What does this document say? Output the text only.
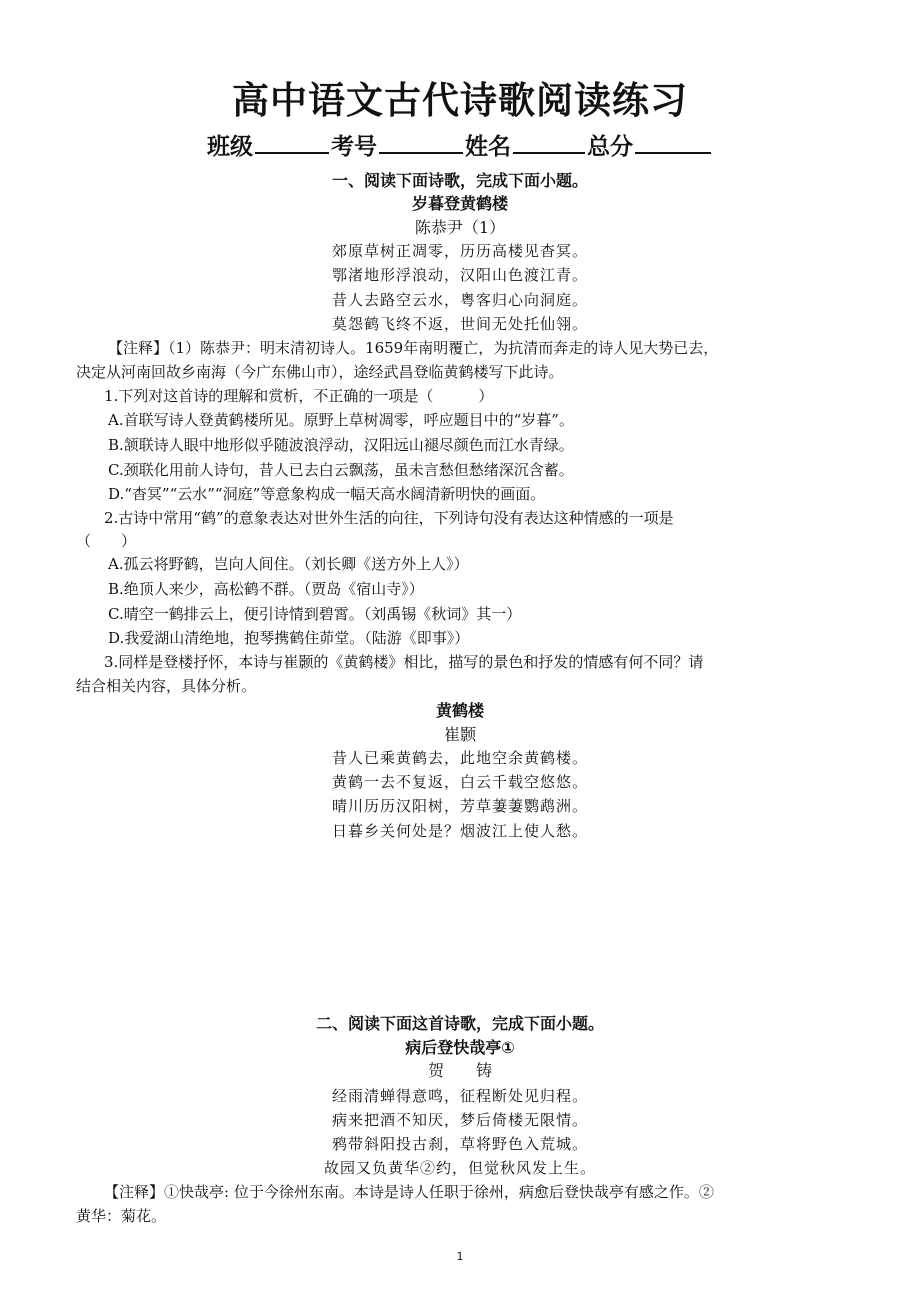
高中语文古代诗歌阅读练习
班级	考号	姓名	总分
一、阅读下面诗歌，完成下面小题。
岁暮登黄鹤楼
陈恭尹（1）
郊原草树正凋零，历历高楼见杳冥。
鄂渚地形浮浪动，汉阳山色渡江青。
昔人去路空云水，粤客归心向洞庭。
莫怨鹤飞终不返，世间无处托仙翎。
【注释】（1）陈恭尹：明末清初诗人。1659年南明覆亡，为抗清而奔走的诗人见大势已去，
决定从河南回故乡南海（今广东佛山市），途经武昌登临黄鹤楼写下此诗。
1.下列对这首诗的理解和赏析，不正确的一项是（　　　）
A.首联写诗人登黄鹤楼所见。原野上草树凋零，呼应题目中的“岁暮”。
B.颔联诗人眼中地形似乎随波浪浮动，汉阳远山褪尽颜色而江水青绿。
C.颈联化用前人诗句，昔人已去白云飘荡，虽未言愁但愁绪深沉含蓄。
D.“杳冥”“云水”“洞庭”等意象构成一幅天高水阔清新明快的画面。
2.古诗中常用“鹤”的意象表达对世外生活的向往，下列诗句没有表达这种情感的一项是
（　　）
A.孤云将野鹤，岂向人间住。（刘长卿《送方外上人》）
B.绝顶人来少，高松鹤不群。（贾岛《宿山寺》）
C.晴空一鹤排云上，便引诗情到碧霄。（刘禹锡《秋词》其一）
D.我爱湖山清绝地，抱琴携鹤住茆堂。（陆游《即事》）
3.同样是登楼抒怀，本诗与崔颢的《黄鹤楼》相比，描写的景色和抒发的情感有何不同？请
结合相关内容，具体分析。
黄鹤楼
崔颢
昔人已乘黄鹤去，此地空余黄鹤楼。
黄鹤一去不复返，白云千载空悠悠。
晴川历历汉阳树，芳草萋萋鹦鹉洲。
日暮乡关何处是？烟波江上使人愁。
二、阅读下面这首诗歌，完成下面小题。
病后登快哉亭①
贺　　铸
经雨清蝉得意鸣，征程断处见归程。
病来把酒不知厌，梦后倚楼无限情。
鸦带斜阳投古刹，草将野色入荒城。
故园又负黄华②约，但觉秋风发上生。
【注释】①快哉亭: 位于今徐州东南。本诗是诗人任职于徐州，病愈后登快哉亭有感之作。②
黄华：菊花。
1
